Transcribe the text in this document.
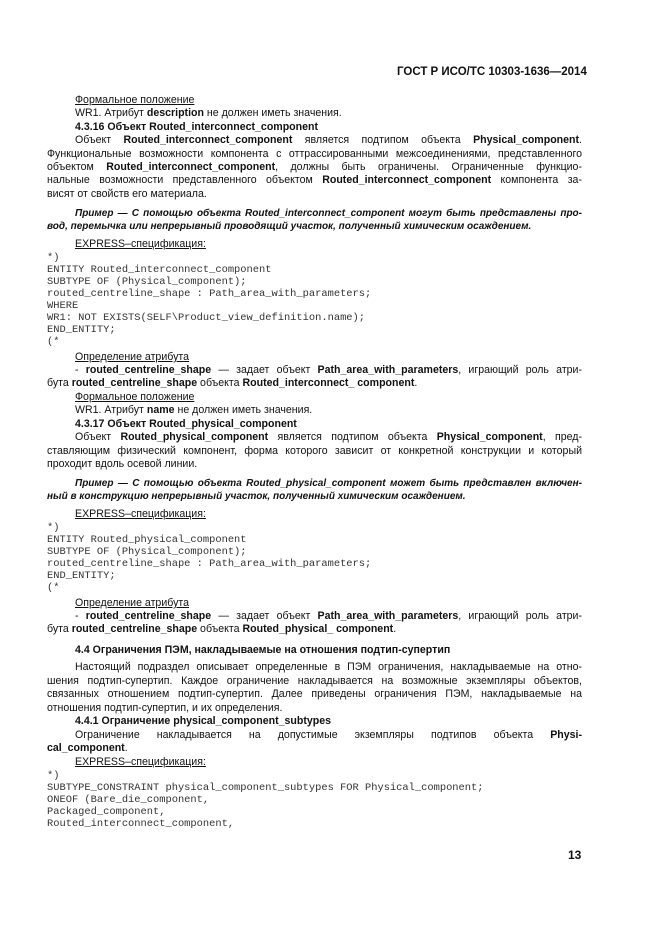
ГОСТ Р ИСО/ТС 10303-1636—2014
Формальное положение
WR1. Атрибут description не должен иметь значения.
4.3.16 Объект Routed_interconnect_component
Объект Routed_interconnect_component является подтипом объекта Physical_component.
Функциональные возможности компонента с оттрассированными межсоединениями, представленного
объектом Routed_interconnect_component, должны быть ограничены. Ограниченные функцио-
нальные возможности представленного объектом Routed_interconnect_component компонента за-
висят от свойств его материала.
Пример — С помощью объекта Routed_interconnect_component могут быть представлены про-
вод, перемычка или непрерывный проводящий участок, полученный химическим осаждением.
EXPRESS–спецификация:
*)
ENTITY Routed_interconnect_component
SUBTYPE OF (Physical_component);
routed_centreline_shape : Path_area_with_parameters;
WHERE
WR1: NOT EXISTS(SELF\Product_view_definition.name);
END_ENTITY;
(*
Определение атрибута
- routed_centreline_shape — задает объект Path_area_with_parameters, играющий роль атри-
бута routed_centreline_shape объекта Routed_interconnect_ component.
Формальное положение
WR1. Атрибут name не должен иметь значения.
4.3.17 Объект Routed_physical_component
Объект Routed_physical_component является подтипом объекта Physical_component, пред-
ставляющим физический компонент, форма которого зависит от конкретной конструкции и который
проходит вдоль осевой линии.
Пример — С помощью объекта Routed_physical_component может быть представлен включен-
ный в конструкцию непрерывный участок, полученный химическим осаждением.
EXPRESS–спецификация:
*)
ENTITY Routed_physical_component
SUBTYPE OF (Physical_component);
routed_centreline_shape : Path_area_with_parameters;
END_ENTITY;
(*
Определение атрибута
- routed_centreline_shape — задает объект Path_area_with_parameters, играющий роль атри-
бута routed_centreline_shape объекта Routed_physical_ component.
4.4 Ограничения ПЭМ, накладываемые на отношения подтип-супертип
Настоящий подраздел описывает определенные в ПЭМ ограничения, накладываемые на отно-
шения подтип-супертип. Каждое ограничение накладывается на возможные экземпляры объектов,
связанных отношением подтип-супертип. Далее приведены ограничения ПЭМ, накладываемые на
отношения подтип-супертип, и их определения.
4.4.1 Ограничение physical_component_subtypes
Ограничение накладывается на допустимые экземпляры подтипов объекта Physi-
cal_component.
EXPRESS–спецификация:
*)
SUBTYPE_CONSTRAINT physical_component_subtypes FOR Physical_component;
ONEOF (Bare_die_component,
Packaged_component,
Routed_interconnect_component,
13
